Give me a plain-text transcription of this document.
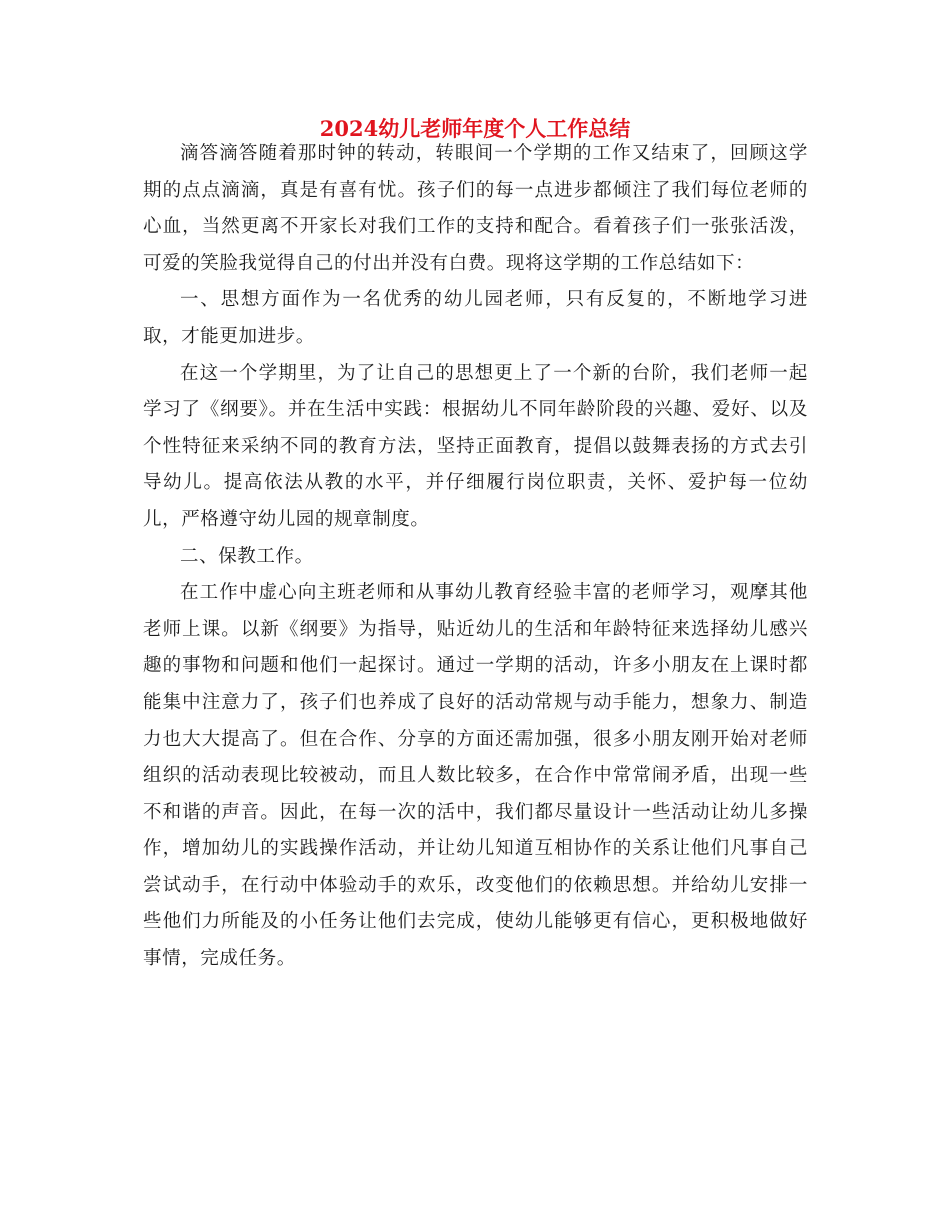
2024幼儿老师年度个人工作总结

滴答滴答随着那时钟的转动，转眼间一个学期的工作又结束了，回顾这学期的点点滴滴，真是有喜有忧。孩子们的每一点进步都倾注了我们每位老师的心血，当然更离不开家长对我们工作的支持和配合。看着孩子们一张张活泼，可爱的笑脸我觉得自己的付出并没有白费。现将这学期的工作总结如下：

一、思想方面作为一名优秀的幼儿园老师，只有反复的，不断地学习进取，才能更加进步。

在这一个学期里，为了让自己的思想更上了一个新的台阶，我们老师一起学习了《纲要》。并在生活中实践：根据幼儿不同年龄阶段的兴趣、爱好、以及个性特征来采纳不同的教育方法，坚持正面教育，提倡以鼓舞表扬的方式去引导幼儿。提高依法从教的水平，并仔细履行岗位职责，关怀、爱护每一位幼儿，严格遵守幼儿园的规章制度。

二、保教工作。

在工作中虚心向主班老师和从事幼儿教育经验丰富的老师学习，观摩其他老师上课。以新《纲要》为指导，贴近幼儿的生活和年龄特征来选择幼儿感兴趣的事物和问题和他们一起探讨。通过一学期的活动，许多小朋友在上课时都能集中注意力了，孩子们也养成了良好的活动常规与动手能力，想象力、制造力也大大提高了。但在合作、分享的方面还需加强，很多小朋友刚开始对老师组织的活动表现比较被动，而且人数比较多，在合作中常常闹矛盾，出现一些不和谐的声音。因此，在每一次的活中，我们都尽量设计一些活动让幼儿多操作，增加幼儿的实践操作活动，并让幼儿知道互相协作的关系让他们凡事自己尝试动手，在行动中体验动手的欢乐，改变他们的依赖思想。并给幼儿安排一些他们力所能及的小任务让他们去完成，使幼儿能够更有信心，更积极地做好事情，完成任务。
